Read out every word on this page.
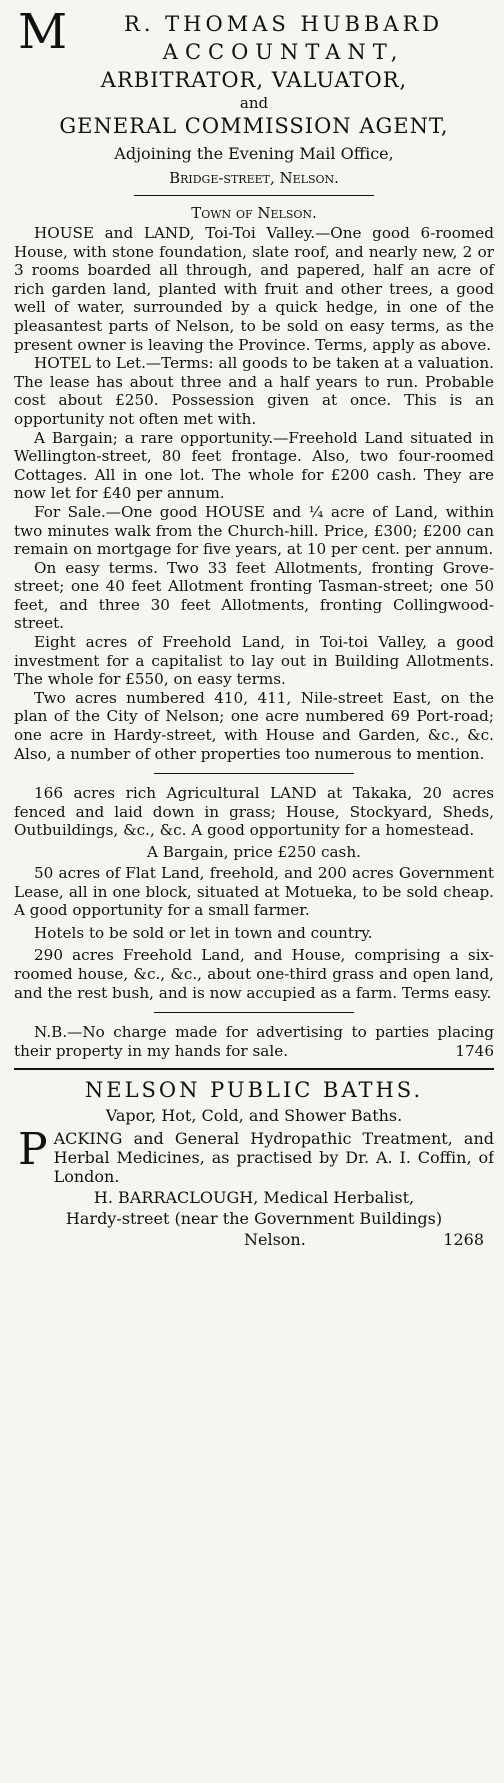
M	R. THOMAS HUBBARD

ACCOUNTANT,

ARBITRATOR, VALUATOR,

and

GENERAL COMMISSION AGENT,

Adjoining the Evening Mail Office,

Bridge-street, Nelson.

Town of Nelson.

HOUSE and LAND, Toi-Toi Valley.—One good 6-roomed House, with stone foundation, slate roof, and nearly new, 2 or 3 rooms boarded all through, and papered, half an acre of rich garden land, planted with fruit and other trees, a good well of water, surrounded by a quick hedge, in one of the pleasantest parts of Nelson, to be sold on easy terms, as the present owner is leaving the Province. Terms, apply as above.

HOTEL to Let.—Terms: all goods to be taken at a valuation. The lease has about three and a half years to run. Probable cost about £250. Possession given at once. This is an opportunity not often met with.

A Bargain; a rare opportunity.—Freehold Land situated in Wellington-street, 80 feet frontage. Also, two four-roomed Cottages. All in one lot. The whole for £200 cash. They are now let for £40 per annum.

For Sale.—One good HOUSE and ¼ acre of Land, within two minutes walk from the Church-hill. Price, £300; £200 can remain on mortgage for five years, at 10 per cent. per annum.

On easy terms. Two 33 feet Allotments, fronting Grove-street; one 40 feet Allotment fronting Tasman-street; one 50 feet, and three 30 feet Allotments, fronting Collingwood-street.

Eight acres of Freehold Land, in Toi-toi Valley, a good investment for a capitalist to lay out in Building Allotments. The whole for £550, on easy terms.

Two acres numbered 410, 411, Nile-street East, on the plan of the City of Nelson; one acre numbered 69 Port-road; one acre in Hardy-street, with House and Garden, &c., &c. Also, a number of other properties too numerous to mention.

166 acres rich Agricultural LAND at Takaka, 20 acres fenced and laid down in grass; House, Stockyard, Sheds, Outbuildings, &c., &c. A good opportunity for a homestead.

A Bargain, price £250 cash.

50 acres of Flat Land, freehold, and 200 acres Government Lease, all in one block, situated at Motueka, to be sold cheap. A good opportunity for a small farmer.

Hotels to be sold or let in town and country.

290 acres Freehold Land, and House, comprising a six-roomed house, &c., &c., about one-third grass and open land, and the rest bush, and is now accupied as a farm. Terms easy.

N.B.—No charge made for advertising to parties placing their property in my hands for sale.	1746

NELSON PUBLIC BATHS.

Vapor, Hot, Cold, and Shower Baths.

P ACKING and General Hydropathic Treatment, and Herbal Medicines, as practised by Dr. A. I. Coffin, of London.

H. BARRACLOUGH, Medical Herbalist,

Hardy-street (near the Government Buildings)

Nelson.	1268
